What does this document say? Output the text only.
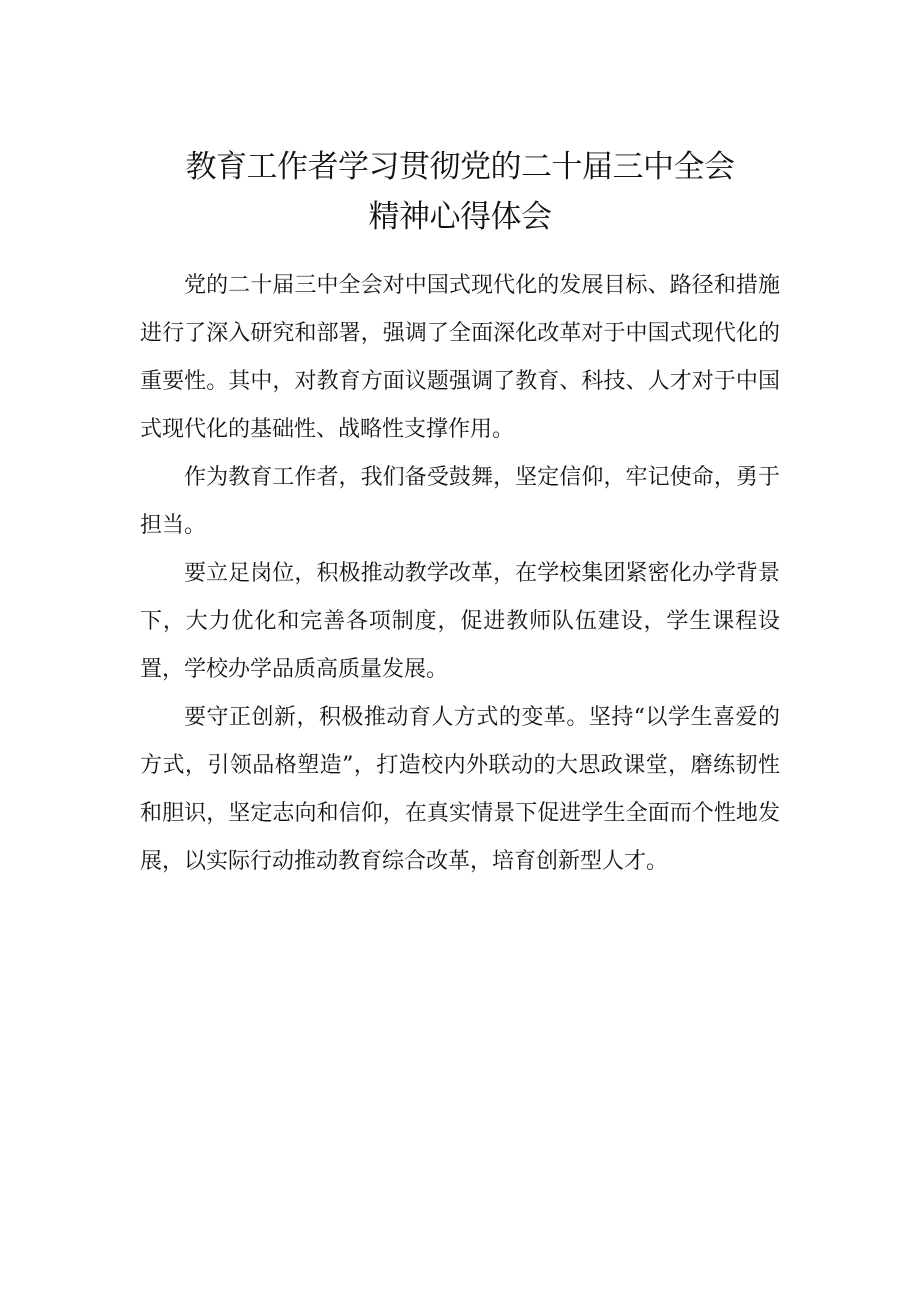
教育工作者学习贯彻党的二十届三中全会
精神心得体会

党的二十届三中全会对中国式现代化的发展目标、路径和措施进行了深入研究和部署，强调了全面深化改革对于中国式现代化的重要性。其中，对教育方面议题强调了教育、科技、人才对于中国式现代化的基础性、战略性支撑作用。

作为教育工作者，我们备受鼓舞，坚定信仰，牢记使命，勇于担当。

要立足岗位，积极推动教学改革，在学校集团紧密化办学背景下，大力优化和完善各项制度，促进教师队伍建设，学生课程设置，学校办学品质高质量发展。

要守正创新，积极推动育人方式的变革。坚持“以学生喜爱的方式，引领品格塑造”，打造校内外联动的大思政课堂，磨练韧性和胆识，坚定志向和信仰，在真实情景下促进学生全面而个性地发展，以实际行动推动教育综合改革，培育创新型人才。
